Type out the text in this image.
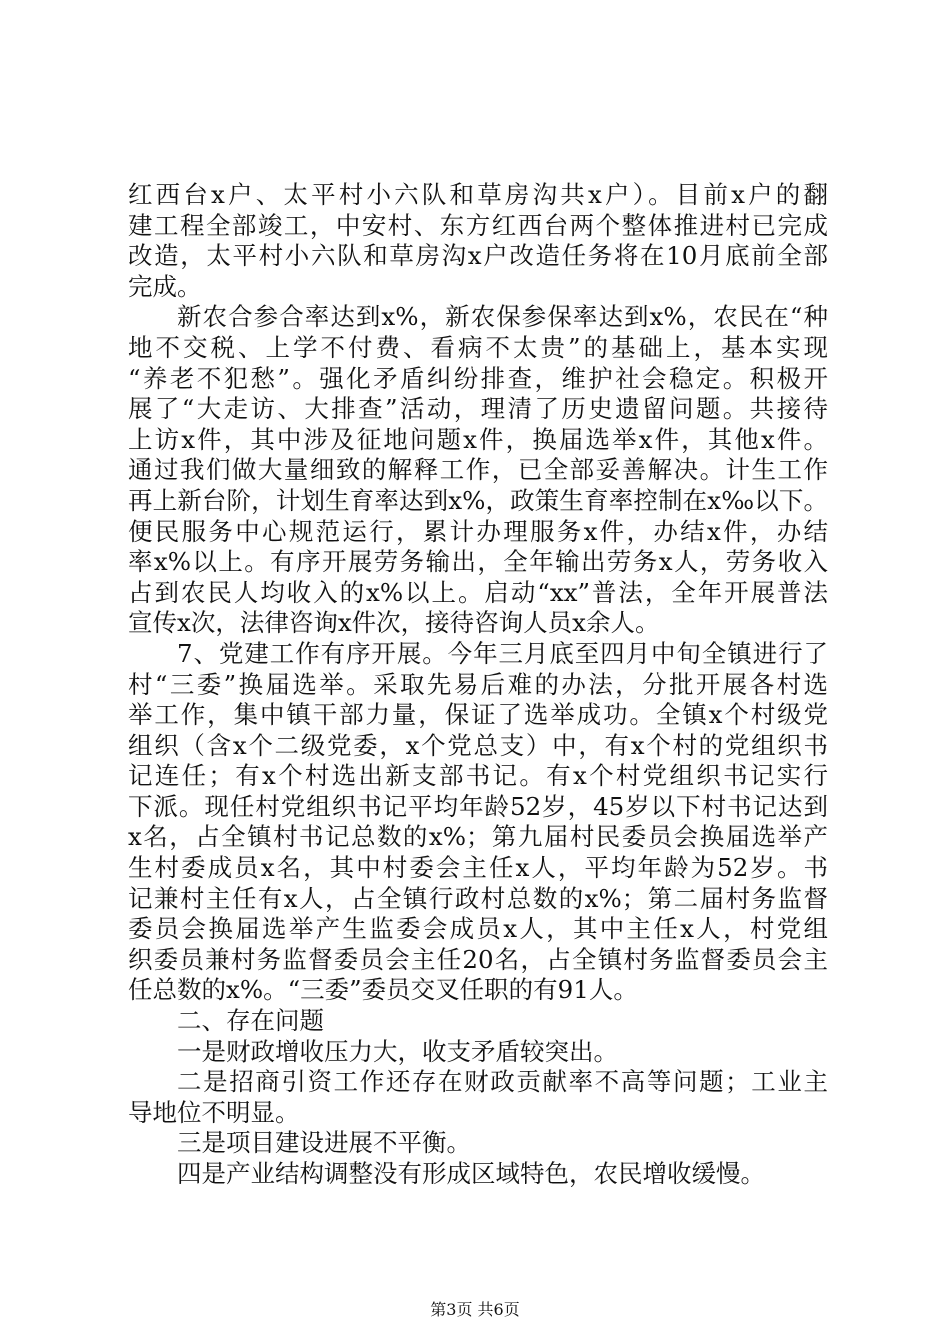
红西台x户、太平村小六队和草房沟共x户）。目前x户的翻
建工程全部竣工，中安村、东方红西台两个整体推进村已完成
改造，太平村小六队和草房沟x户改造任务将在10月底前全部
完成。
新农合参合率达到x%，新农保参保率达到x%，农民在“种
地不交税、上学不付费、看病不太贵”的基础上，基本实现
“养老不犯愁”。强化矛盾纠纷排查，维护社会稳定。积极开
展了“大走访、大排查”活动，理清了历史遗留问题。共接待
上访x件，其中涉及征地问题x件，换届选举x件，其他x件。
通过我们做大量细致的解释工作，已全部妥善解决。计生工作
再上新台阶，计划生育率达到x%，政策生育率控制在x‰以下。
便民服务中心规范运行，累计办理服务x件，办结x件，办结
率x%以上。有序开展劳务输出，全年输出劳务x人，劳务收入
占到农民人均收入的x%以上。启动“xx”普法，全年开展普法
宣传x次，法律咨询x件次，接待咨询人员x余人。
7、党建工作有序开展。今年三月底至四月中旬全镇进行了
村“三委”换届选举。采取先易后难的办法，分批开展各村选
举工作，集中镇干部力量，保证了选举成功。全镇x个村级党
组织（含x个二级党委，x个党总支）中，有x个村的党组织书
记连任；有x个村选出新支部书记。有x个村党组织书记实行
下派。现任村党组织书记平均年龄52岁，45岁以下村书记达到
x名，占全镇村书记总数的x%；第九届村民委员会换届选举产
生村委成员x名，其中村委会主任x人，平均年龄为52岁。书
记兼村主任有x人，占全镇行政村总数的x%；第二届村务监督
委员会换届选举产生监委会成员x人，其中主任x人，村党组
织委员兼村务监督委员会主任20名，占全镇村务监督委员会主
任总数的x%。“三委”委员交叉任职的有91人。
二、存在问题
一是财政增收压力大，收支矛盾较突出。
二是招商引资工作还存在财政贡献率不高等问题；工业主
导地位不明显。
三是项目建设进展不平衡。
四是产业结构调整没有形成区域特色，农民增收缓慢。
第3页 共6页
